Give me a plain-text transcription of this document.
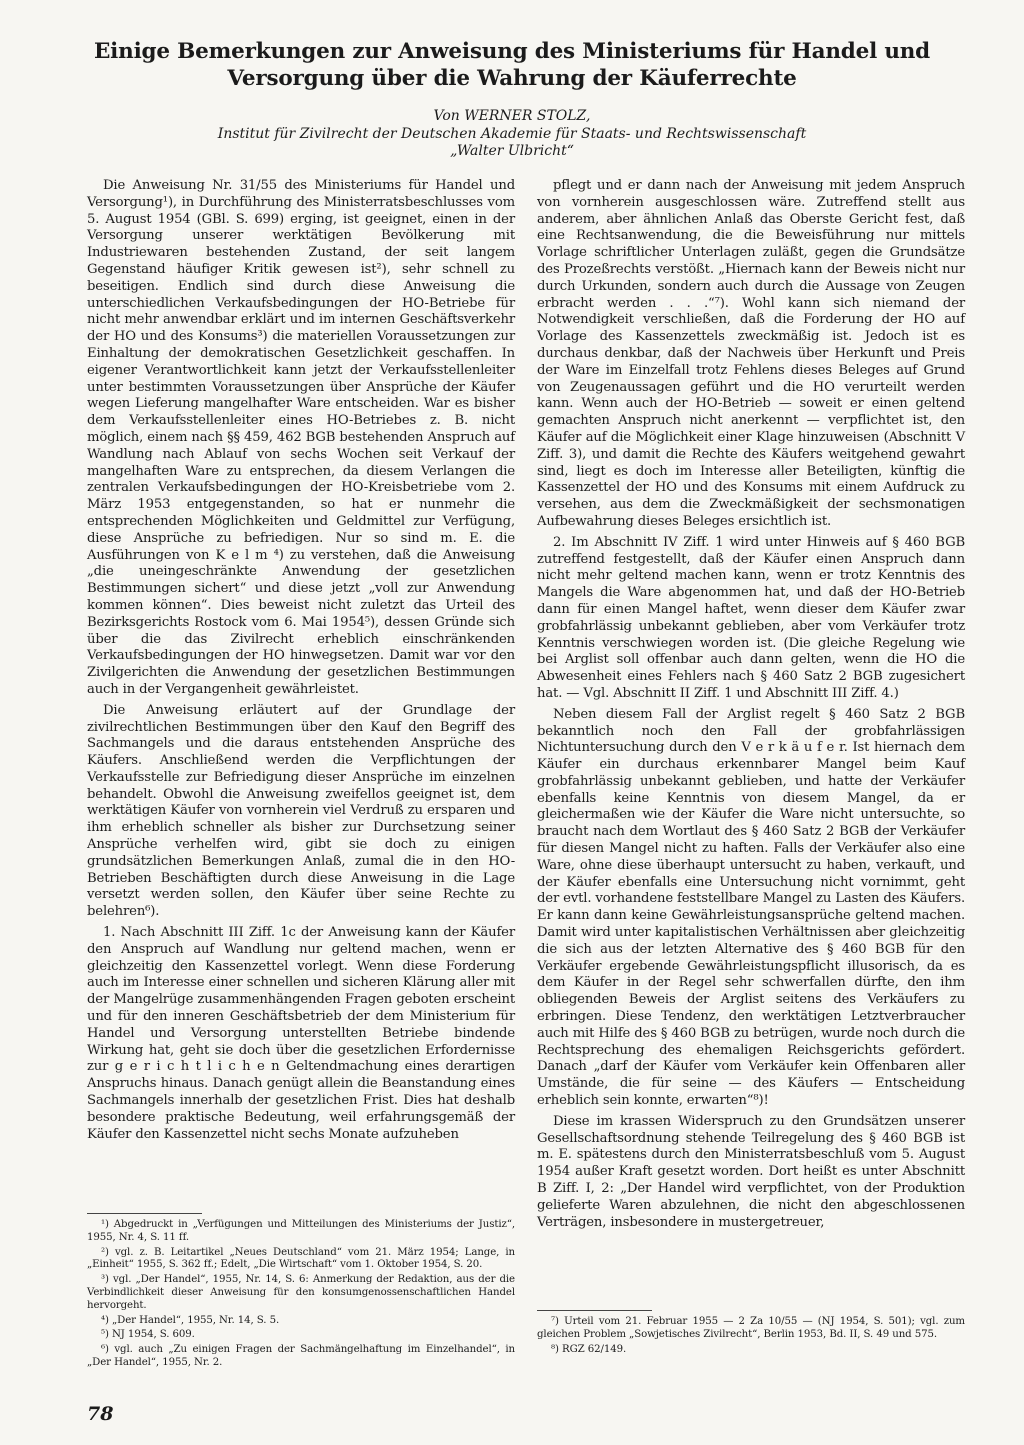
Einige Bemerkungen zur Anweisung des Ministeriums für Handel und Versorgung über die Wahrung der Käuferrechte
Von WERNER STOLZ,
Institut für Zivilrecht der Deutschen Akademie für Staats- und Rechtswissenschaft
„Walter Ulbricht“

Die Anweisung Nr. 31/55 des Ministeriums für Handel und Versorgung¹), in Durchführung des Ministerratsbeschlusses vom 5. August 1954 (GBl. S. 699) erging, ist geeignet, einen in der Versorgung unserer werktätigen Bevölkerung mit Industriewaren bestehenden Zustand, der seit langem Gegenstand häufiger Kritik gewesen ist²), sehr schnell zu beseitigen. Endlich sind durch diese Anweisung die unterschiedlichen Verkaufsbedingungen der HO-Betriebe für nicht mehr anwendbar erklärt und im internen Geschäftsverkehr der HO und des Konsums³) die materiellen Voraussetzungen zur Einhaltung der demokratischen Gesetzlichkeit geschaffen. In eigener Verantwortlichkeit kann jetzt der Verkaufsstellenleiter unter bestimmten Voraussetzungen über Ansprüche der Käufer wegen Lieferung mangelhafter Ware entscheiden. War es bisher dem Verkaufsstellenleiter eines HO-Betriebes z. B. nicht möglich, einem nach §§ 459, 462 BGB bestehenden Anspruch auf Wandlung nach Ablauf von sechs Wochen seit Verkauf der mangelhaften Ware zu entsprechen, da diesem Verlangen die zentralen Verkaufsbedingungen der HO-Kreisbetriebe vom 2. März 1953 entgegenstanden, so hat er nunmehr die entsprechenden Möglichkeiten und Geldmittel zur Verfügung, diese Ansprüche zu befriedigen. Nur so sind m. E. die Ausführungen von K e l m ⁴) zu verstehen, daß die Anweisung „die uneingeschränkte Anwendung der gesetzlichen Bestimmungen sichert“ und diese jetzt „voll zur Anwendung kommen können“. Dies beweist nicht zuletzt das Urteil des Bezirksgerichts Rostock vom 6. Mai 1954⁵), dessen Gründe sich über die das Zivilrecht erheblich einschränkenden Verkaufsbedingungen der HO hinwegsetzen. Damit war vor den Zivilgerichten die Anwendung der gesetzlichen Bestimmungen auch in der Vergangenheit gewährleistet.

Die Anweisung erläutert auf der Grundlage der zivilrechtlichen Bestimmungen über den Kauf den Begriff des Sachmangels und die daraus entstehenden Ansprüche des Käufers. Anschließend werden die Verpflichtungen der Verkaufsstelle zur Befriedigung dieser Ansprüche im einzelnen behandelt. Obwohl die Anweisung zweifellos geeignet ist, dem werktätigen Käufer von vornherein viel Verdruß zu ersparen und ihm erheblich schneller als bisher zur Durchsetzung seiner Ansprüche verhelfen wird, gibt sie doch zu einigen grundsätzlichen Bemerkungen Anlaß, zumal die in den HO-Betrieben Beschäftigten durch diese Anweisung in die Lage versetzt werden sollen, den Käufer über seine Rechte zu belehren⁶).

1. Nach Abschnitt III Ziff. 1c der Anweisung kann der Käufer den Anspruch auf Wandlung nur geltend machen, wenn er gleichzeitig den Kassenzettel vorlegt. Wenn diese Forderung auch im Interesse einer schnellen und sicheren Klärung aller mit der Mangelrüge zusammenhängenden Fragen geboten erscheint und für den inneren Geschäftsbetrieb der dem Ministerium für Handel und Versorgung unterstellten Betriebe bindende Wirkung hat, geht sie doch über die gesetzlichen Erfordernisse zur g e r i c h t l i c h e n Geltendmachung eines derartigen Anspruchs hinaus. Danach genügt allein die Beanstandung eines Sachmangels innerhalb der gesetzlichen Frist. Dies hat deshalb besondere praktische Bedeutung, weil erfahrungsgemäß der Käufer den Kassenzettel nicht sechs Monate aufzuheben

pflegt und er dann nach der Anweisung mit jedem Anspruch von vornherein ausgeschlossen wäre. Zutreffend stellt aus anderem, aber ähnlichen Anlaß das Oberste Gericht fest, daß eine Rechtsanwendung, die die Beweisführung nur mittels Vorlage schriftlicher Unterlagen zuläßt, gegen die Grundsätze des Prozeßrechts verstößt. „Hiernach kann der Beweis nicht nur durch Urkunden, sondern auch durch die Aussage von Zeugen erbracht werden . . .“⁷). Wohl kann sich niemand der Notwendigkeit verschließen, daß die Forderung der HO auf Vorlage des Kassenzettels zweckmäßig ist. Jedoch ist es durchaus denkbar, daß der Nachweis über Herkunft und Preis der Ware im Einzelfall trotz Fehlens dieses Beleges auf Grund von Zeugenaussagen geführt und die HO verurteilt werden kann. Wenn auch der HO-Betrieb — soweit er einen geltend gemachten Anspruch nicht anerkennt — verpflichtet ist, den Käufer auf die Möglichkeit einer Klage hinzuweisen (Abschnitt V Ziff. 3), und damit die Rechte des Käufers weitgehend gewahrt sind, liegt es doch im Interesse aller Beteiligten, künftig die Kassenzettel der HO und des Konsums mit einem Aufdruck zu versehen, aus dem die Zweckmäßigkeit der sechsmonatigen Aufbewahrung dieses Beleges ersichtlich ist.

2. Im Abschnitt IV Ziff. 1 wird unter Hinweis auf § 460 BGB zutreffend festgestellt, daß der Käufer einen Anspruch dann nicht mehr geltend machen kann, wenn er trotz Kenntnis des Mangels die Ware abgenommen hat, und daß der HO-Betrieb dann für einen Mangel haftet, wenn dieser dem Käufer zwar grobfahrlässig unbekannt geblieben, aber vom Verkäufer trotz Kenntnis verschwiegen worden ist. (Die gleiche Regelung wie bei Arglist soll offenbar auch dann gelten, wenn die HO die Abwesenheit eines Fehlers nach § 460 Satz 2 BGB zugesichert hat. — Vgl. Abschnitt II Ziff. 1 und Abschnitt III Ziff. 4.)

Neben diesem Fall der Arglist regelt § 460 Satz 2 BGB bekanntlich noch den Fall der grobfahrlässigen Nichtuntersuchung durch den V e r k ä u f e r. Ist hiernach dem Käufer ein durchaus erkennbarer Mangel beim Kauf grobfahrlässig unbekannt geblieben, und hatte der Verkäufer ebenfalls keine Kenntnis von diesem Mangel, da er gleichermaßen wie der Käufer die Ware nicht untersuchte, so braucht nach dem Wortlaut des § 460 Satz 2 BGB der Verkäufer für diesen Mangel nicht zu haften. Falls der Verkäufer also eine Ware, ohne diese überhaupt untersucht zu haben, verkauft, und der Käufer ebenfalls eine Untersuchung nicht vornimmt, geht der evtl. vorhandene feststellbare Mangel zu Lasten des Käufers. Er kann dann keine Gewährleistungsansprüche geltend machen. Damit wird unter kapitalistischen Verhältnissen aber gleichzeitig die sich aus der letzten Alternative des § 460 BGB für den Verkäufer ergebende Gewährleistungspflicht illusorisch, da es dem Käufer in der Regel sehr schwerfallen dürfte, den ihm obliegenden Beweis der Arglist seitens des Verkäufers zu erbringen. Diese Tendenz, den werktätigen Letztverbraucher auch mit Hilfe des § 460 BGB zu betrügen, wurde noch durch die Rechtsprechung des ehemaligen Reichsgerichts gefördert. Danach „darf der Käufer vom Verkäufer kein Offenbaren aller Umstände, die für seine — des Käufers — Entscheidung erheblich sein konnte, erwarten“⁸)!

Diese im krassen Widerspruch zu den Grundsätzen unserer Gesellschaftsordnung stehende Teilregelung des § 460 BGB ist m. E. spätestens durch den Ministerratsbeschluß vom 5. August 1954 außer Kraft gesetzt worden. Dort heißt es unter Abschnitt B Ziff. I, 2: „Der Handel wird verpflichtet, von der Produktion gelieferte Waren abzulehnen, die nicht den abgeschlossenen Verträgen, insbesondere in mustergetreuer,

¹) Abgedruckt in „Verfügungen und Mitteilungen des Ministeriums der Justiz“, 1955, Nr. 4, S. 11 ff.
²) vgl. z. B. Leitartikel „Neues Deutschland“ vom 21. März 1954; Lange, in „Einheit“ 1955, S. 362 ff.; Edelt, „Die Wirtschaft“ vom 1. Oktober 1954, S. 20.
³) vgl. „Der Handel“, 1955, Nr. 14, S. 6: Anmerkung der Redaktion, aus der die Verbindlichkeit dieser Anweisung für den konsumgenossenschaftlichen Handel hervorgeht.
⁴) „Der Handel“, 1955, Nr. 14, S. 5.
⁵) NJ 1954, S. 609.
⁶) vgl. auch „Zu einigen Fragen der Sachmängelhaftung im Einzelhandel“, in „Der Handel“, 1955, Nr. 2.
⁷) Urteil vom 21. Februar 1955 — 2 Za 10/55 — (NJ 1954, S. 501); vgl. zum gleichen Problem „Sowjetisches Zivilrecht“, Berlin 1953, Bd. II, S. 49 und 575.
⁸) RGZ 62/149.
78
